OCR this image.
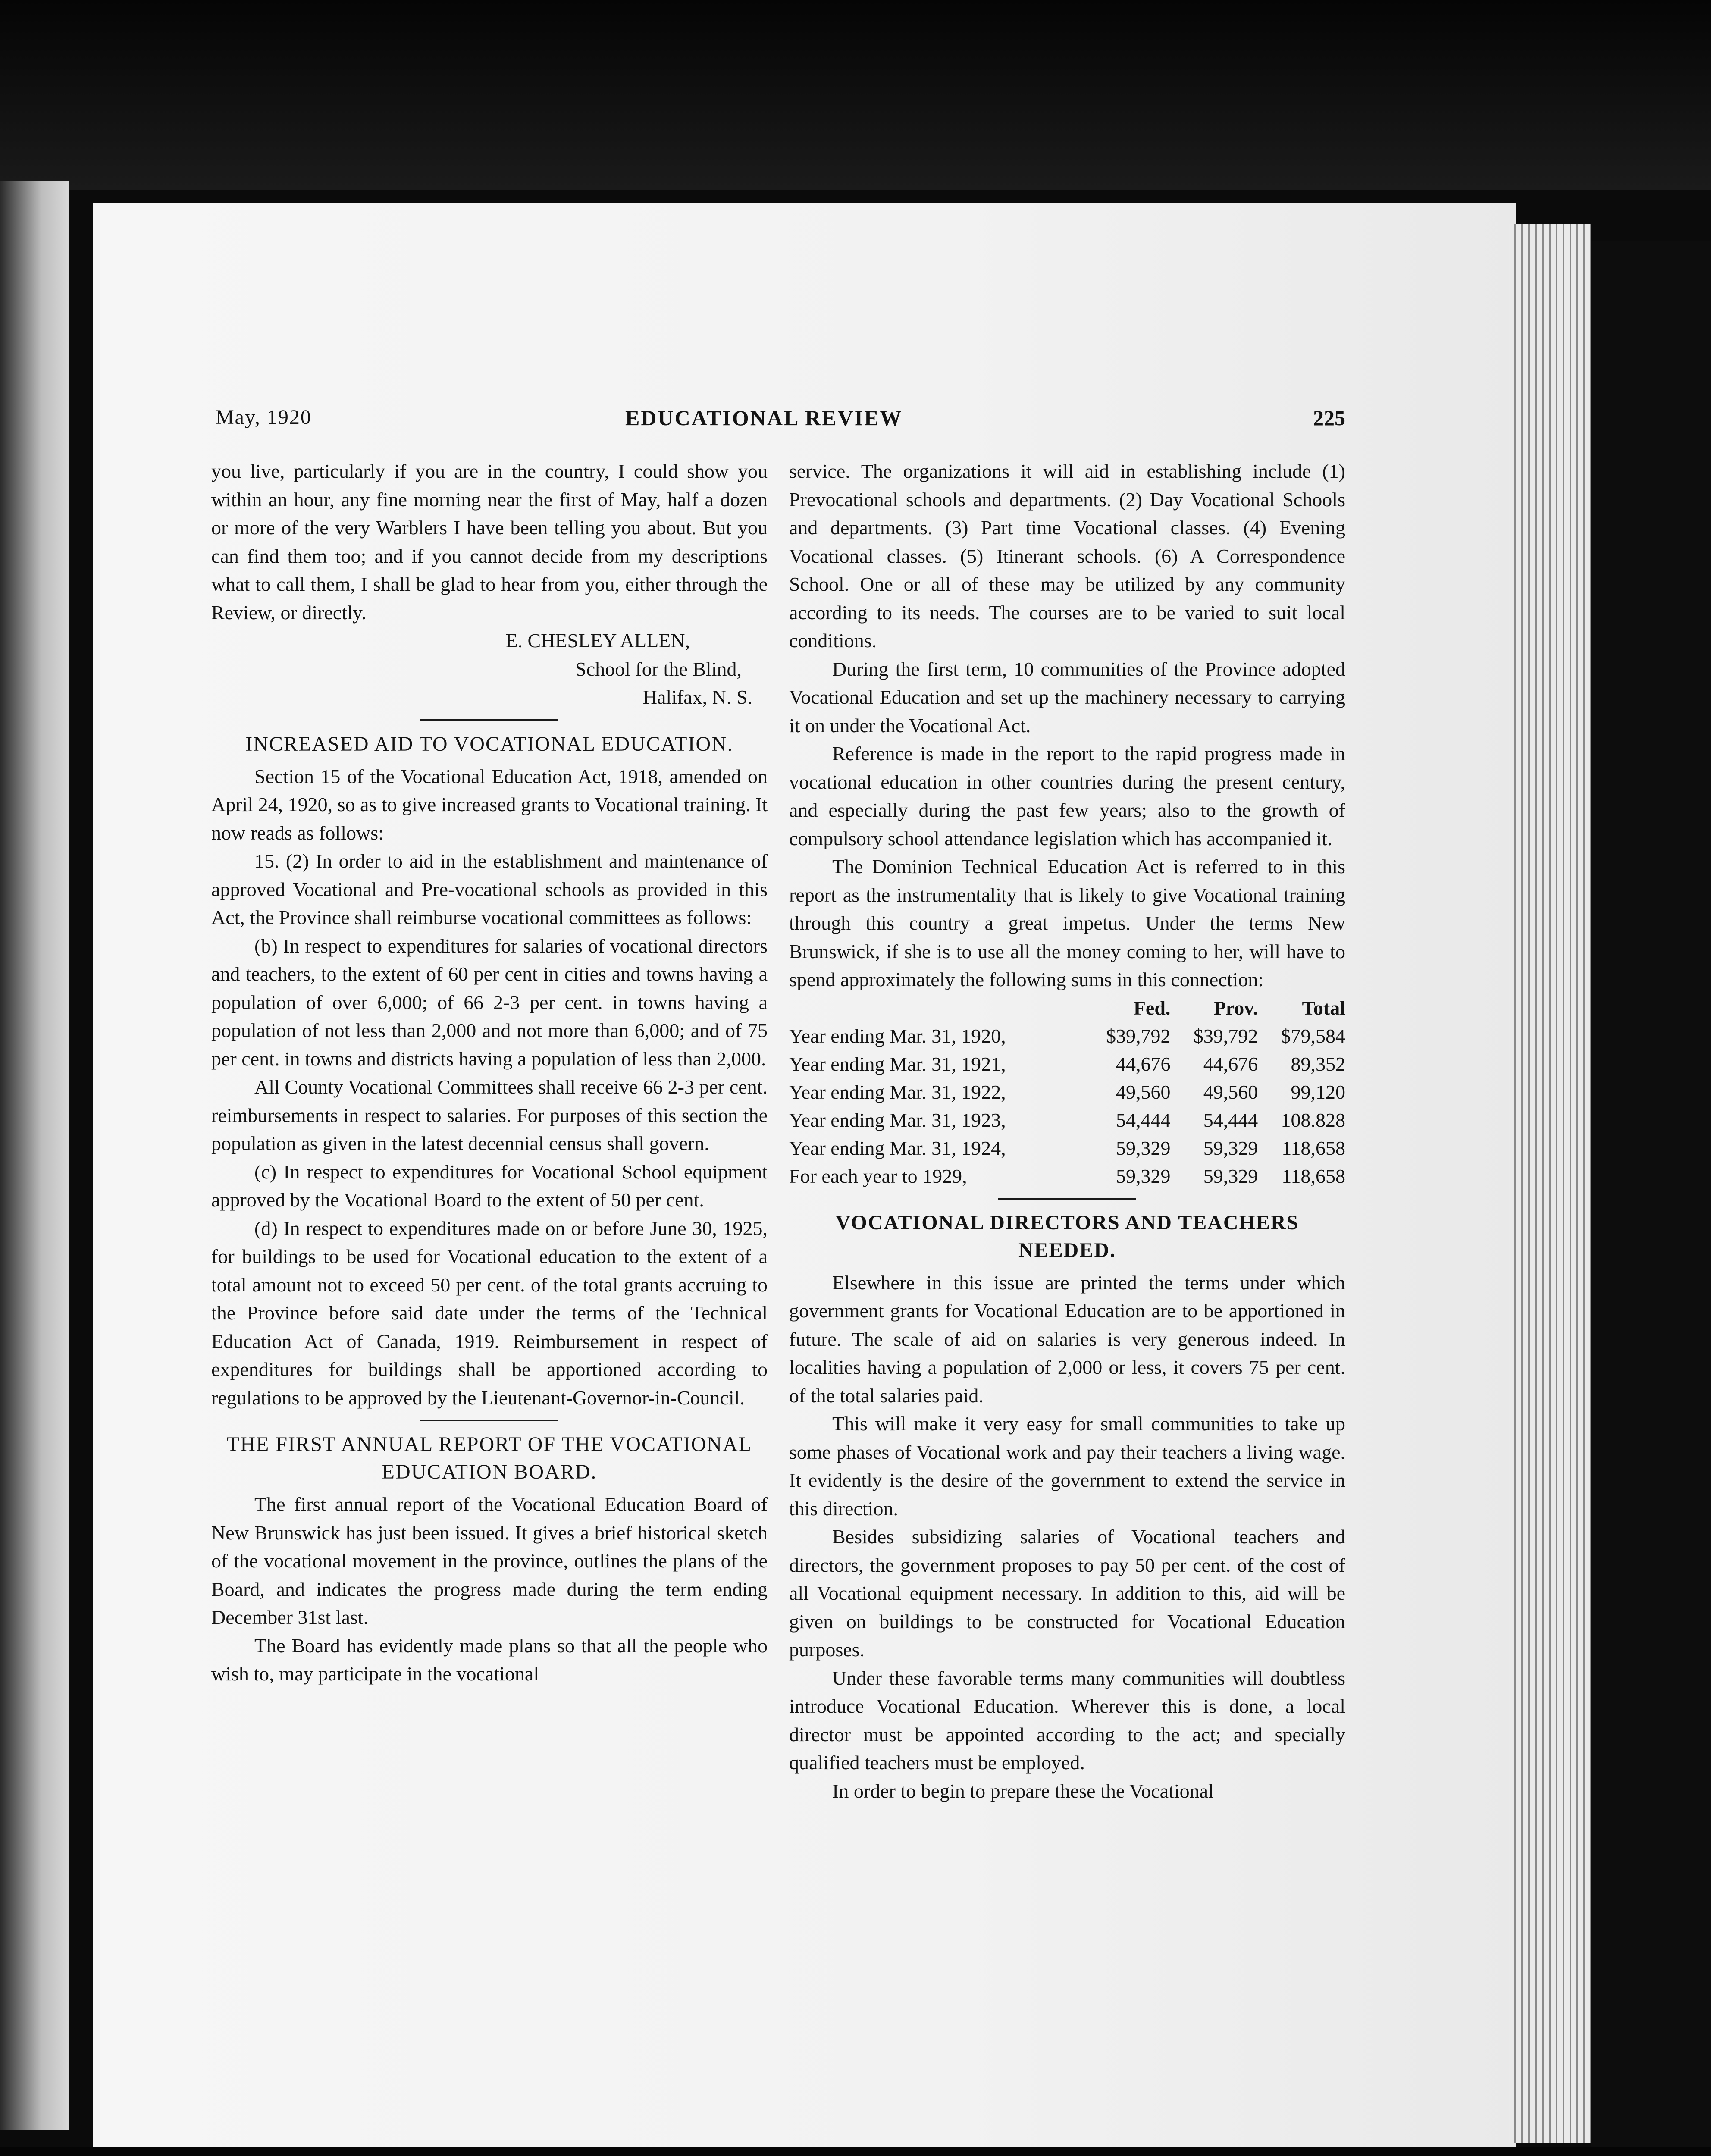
May, 1920	EDUCATIONAL REVIEW	225

you live, particularly if you are in the country, I could show you within an hour, any fine morning near the first of May, half a dozen or more of the very Warblers I have been telling you about. But you can find them too; and if you cannot decide from my descriptions what to call them, I shall be glad to hear from you, either through the Review, or directly.

E. CHESLEY ALLEN,

School for the Blind,

Halifax, N. S.

INCREASED AID TO VOCATIONAL EDUCATION.

Section 15 of the Vocational Education Act, 1918, amended on April 24, 1920, so as to give increased grants to Vocational training. It now reads as follows:

15. (2) In order to aid in the establishment and maintenance of approved Vocational and Pre-vocational schools as provided in this Act, the Province shall reimburse vocational committees as follows:

(b) In respect to expenditures for salaries of vocational directors and teachers, to the extent of 60 per cent in cities and towns having a population of over 6,000; of 66 2-3 per cent. in towns having a population of not less than 2,000 and not more than 6,000; and of 75 per cent. in towns and districts having a population of less than 2,000.

All County Vocational Committees shall receive 66 2-3 per cent. reimbursements in respect to salaries. For purposes of this section the population as given in the latest decennial census shall govern.

(c) In respect to expenditures for Vocational School equipment approved by the Vocational Board to the extent of 50 per cent.

(d) In respect to expenditures made on or before June 30, 1925, for buildings to be used for Vocational education to the extent of a total amount not to exceed 50 per cent. of the total grants accruing to the Province before said date under the terms of the Technical Education Act of Canada, 1919. Reimbursement in respect of expenditures for buildings shall be apportioned according to regulations to be approved by the Lieutenant-Governor-in-Council.

THE FIRST ANNUAL REPORT OF THE VOCATIONAL EDUCATION BOARD.

The first annual report of the Vocational Education Board of New Brunswick has just been issued. It gives a brief historical sketch of the vocational movement in the province, outlines the plans of the Board, and indicates the progress made during the term ending December 31st last.

The Board has evidently made plans so that all the people who wish to, may participate in the vocational

service. The organizations it will aid in establishing include (1) Prevocational schools and departments. (2) Day Vocational Schools and departments. (3) Part time Vocational classes. (4) Evening Vocational classes. (5) Itinerant schools. (6) A Correspondence School. One or all of these may be utilized by any community according to its needs. The courses are to be varied to suit local conditions.

During the first term, 10 communities of the Province adopted Vocational Education and set up the machinery necessary to carrying it on under the Vocational Act.

Reference is made in the report to the rapid progress made in vocational education in other countries during the present century, and especially during the past few years; also to the growth of compulsory school attendance legislation which has accompanied it.

The Dominion Technical Education Act is referred to in this report as the instrumentality that is likely to give Vocational training through this country a great impetus. Under the terms New Brunswick, if she is to use all the money coming to her, will have to spend approximately the following sums in this connection:

	Fed.	Prov.	Total
Year ending Mar. 31, 1920,	$39,792	$39,792	$79,584
Year ending Mar. 31, 1921,	44,676	44,676	89,352
Year ending Mar. 31, 1922,	49,560	49,560	99,120
Year ending Mar. 31, 1923,	54,444	54,444	108.828
Year ending Mar. 31, 1924,	59,329	59,329	118,658
For each year to 1929,	59,329	59,329	118,658
VOCATIONAL DIRECTORS AND TEACHERS NEEDED.

Elsewhere in this issue are printed the terms under which government grants for Vocational Education are to be apportioned in future. The scale of aid on salaries is very generous indeed. In localities having a population of 2,000 or less, it covers 75 per cent. of the total salaries paid.

This will make it very easy for small communities to take up some phases of Vocational work and pay their teachers a living wage. It evidently is the desire of the government to extend the service in this direction.

Besides subsidizing salaries of Vocational teachers and directors, the government proposes to pay 50 per cent. of the cost of all Vocational equipment necessary. In addition to this, aid will be given on buildings to be constructed for Vocational Education purposes.

Under these favorable terms many communities will doubtless introduce Vocational Education. Wherever this is done, a local director must be appointed according to the act; and specially qualified teachers must be employed.

In order to begin to prepare these the Vocational
